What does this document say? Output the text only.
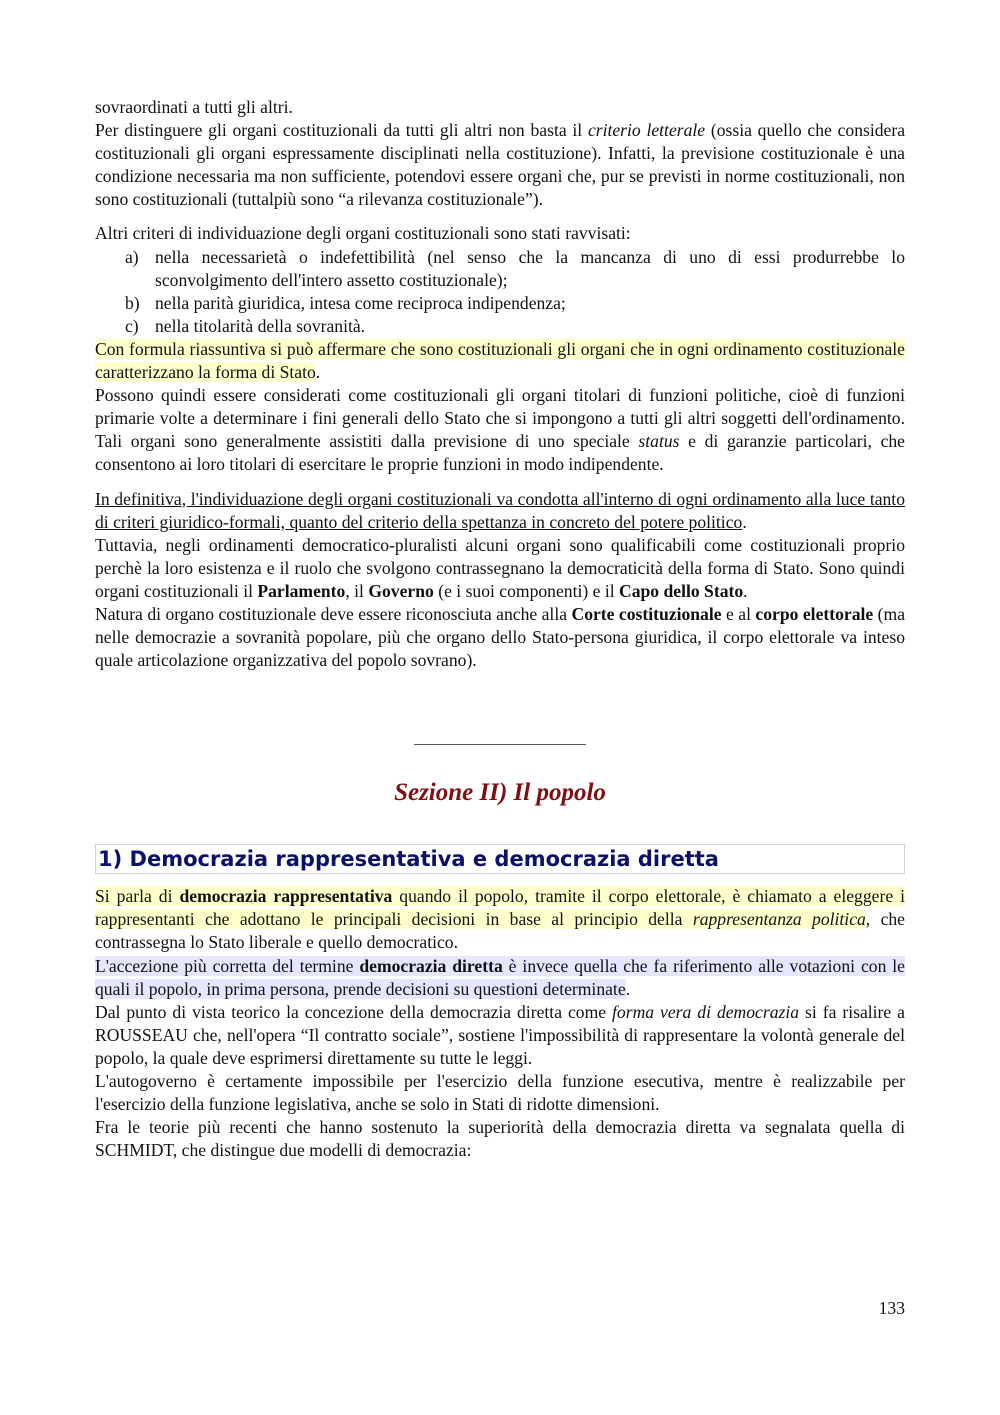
sovraordinati a tutti gli altri.

Per distinguere gli organi costituzionali da tutti gli altri non basta il criterio letterale (ossia quello che considera costituzionali gli organi espressamente disciplinati nella costituzione). Infatti, la previsione costituzionale è una condizione necessaria ma non sufficiente, potendovi essere organi che, pur se previsti in norme costituzionali, non sono costituzionali (tuttalpiù sono “a rilevanza costituzionale”).

Altri criteri di individuazione degli organi costituzionali sono stati ravvisati:

a) nella necessarietà o indefettibilità (nel senso che la mancanza di uno di essi produrrebbe lo sconvolgimento dell'intero assetto costituzionale);
b) nella parità giuridica, intesa come reciproca indipendenza;
c) nella titolarità della sovranità.

Con formula riassuntiva si può affermare che sono costituzionali gli organi che in ogni ordinamento costituzionale caratterizzano la forma di Stato.

Possono quindi essere considerati come costituzionali gli organi titolari di funzioni politiche, cioè di funzioni primarie volte a determinare i fini generali dello Stato che si impongono a tutti gli altri soggetti dell'ordinamento. Tali organi sono generalmente assistiti dalla previsione di uno speciale status e di garanzie particolari, che consentono ai loro titolari di esercitare le proprie funzioni in modo indipendente.

In definitiva, l'individuazione degli organi costituzionali va condotta all'interno di ogni ordinamento alla luce tanto di criteri giuridico-formali, quanto del criterio della spettanza in concreto del potere politico.

Tuttavia, negli ordinamenti democratico-pluralisti alcuni organi sono qualificabili come costituzionali proprio perchè la loro esistenza e il ruolo che svolgono contrassegnano la democraticità della forma di Stato. Sono quindi organi costituzionali il Parlamento, il Governo (e i suoi componenti) e il Capo dello Stato.

Natura di organo costituzionale deve essere riconosciuta anche alla Corte costituzionale e al corpo elettorale (ma nelle democrazie a sovranità popolare, più che organo dello Stato-persona giuridica, il corpo elettorale va inteso quale articolazione organizzativa del popolo sovrano).

Sezione II) Il popolo
1) Democrazia rappresentativa e democrazia diretta

Si parla di democrazia rappresentativa quando il popolo, tramite il corpo elettorale, è chiamato a eleggere i rappresentanti che adottano le principali decisioni in base al principio della rappresentanza politica, che contrassegna lo Stato liberale e quello democratico.

L'accezione più corretta del termine democrazia diretta è invece quella che fa riferimento alle votazioni con le quali il popolo, in prima persona, prende decisioni su questioni determinate.

Dal punto di vista teorico la concezione della democrazia diretta come forma vera di democrazia si fa risalire a ROUSSEAU che, nell'opera “Il contratto sociale”, sostiene l'impossibilità di rappresentare la volontà generale del popolo, la quale deve esprimersi direttamente su tutte le leggi.

L'autogoverno è certamente impossibile per l'esercizio della funzione esecutiva, mentre è realizzabile per l'esercizio della funzione legislativa, anche se solo in Stati di ridotte dimensioni.

Fra le teorie più recenti che hanno sostenuto la superiorità della democrazia diretta va segnalata quella di SCHMIDT, che distingue due modelli di democrazia:

133
